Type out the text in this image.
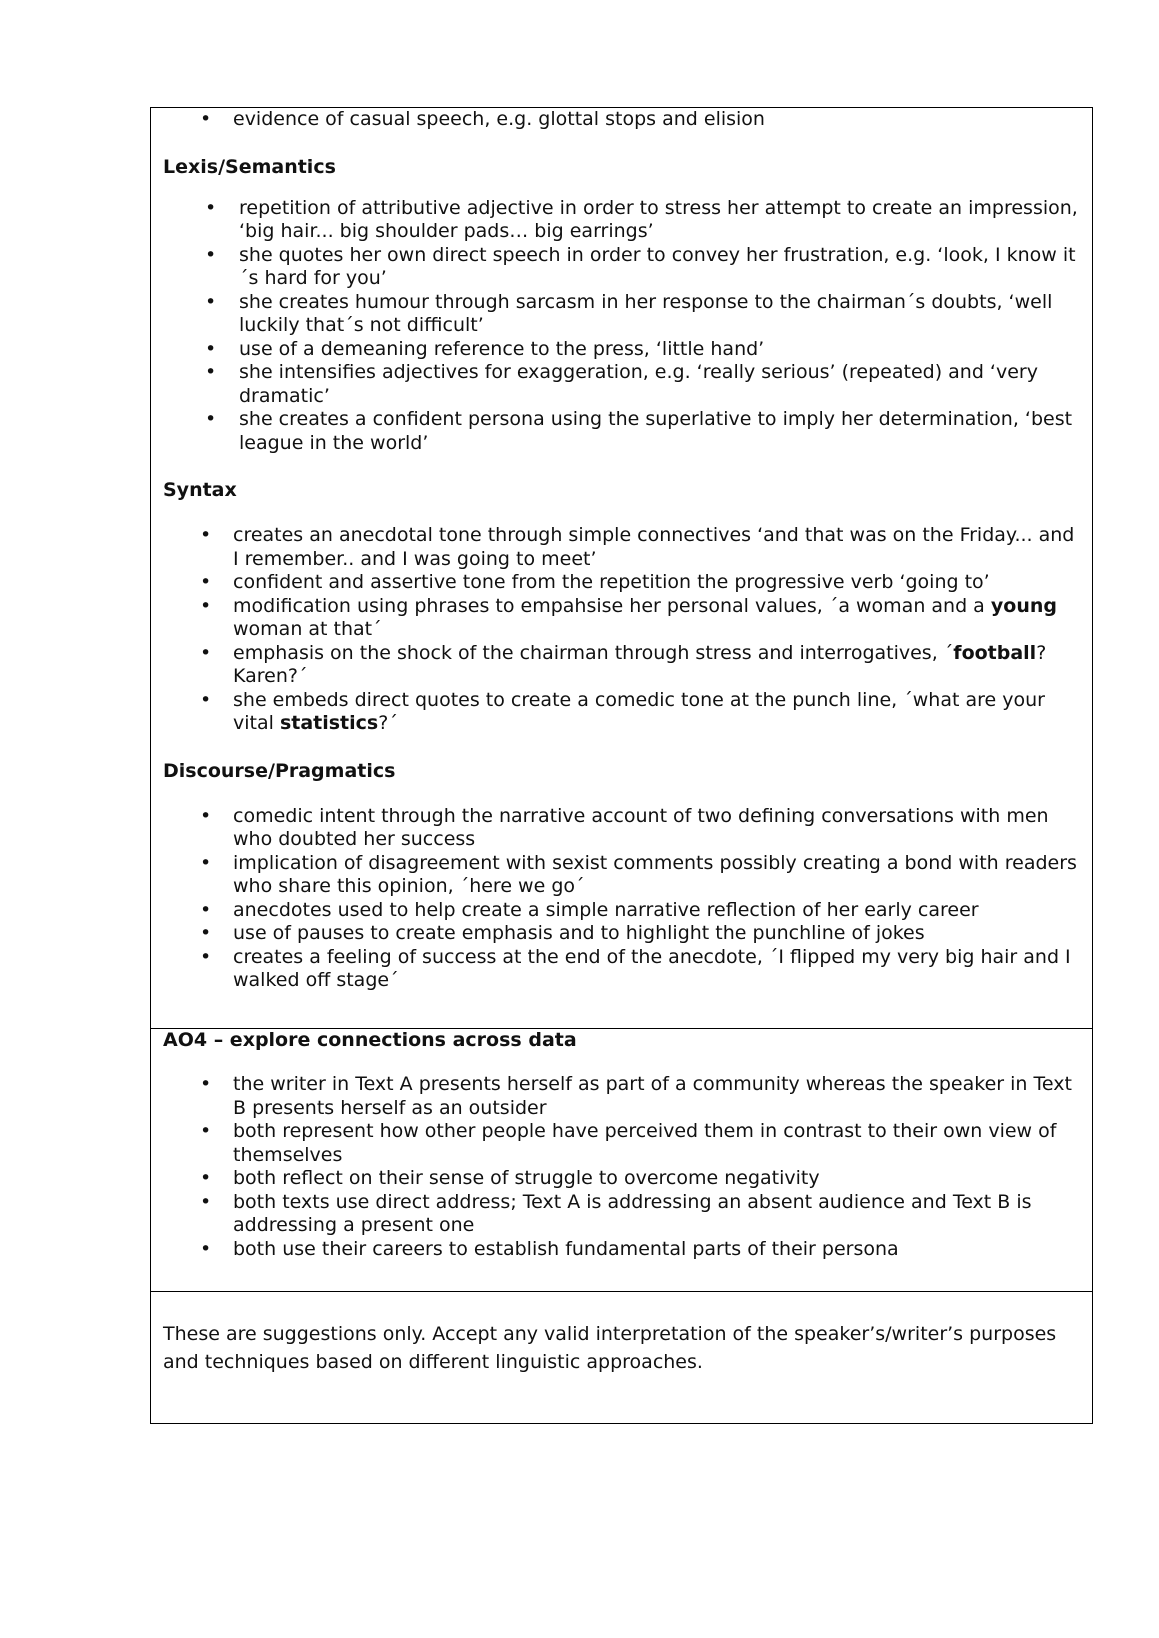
• evidence of casual speech, e.g. glottal stops and elision

Lexis/Semantics

• repetition of attributive adjective in order to stress her attempt to create an impression, ‘big hair... big shoulder pads… big earrings’
• she quotes her own direct speech in order to convey her frustration, e.g. ‘look, I know it´s hard for you’
• she creates humour through sarcasm in her response to the chairman´s doubts, ‘well luckily that´s not difficult’
• use of a demeaning reference to the press, ‘little hand’
• she intensifies adjectives for exaggeration, e.g. ‘really serious’ (repeated) and ‘very dramatic’
• she creates a confident persona using the superlative to imply her determination, ‘best league in the world’

Syntax

• creates an anecdotal tone through simple connectives ‘and that was on the Friday... and I remember.. and I was going to meet’
• confident and assertive tone from the repetition the progressive verb ‘going to’
• modification using phrases to empahsise her personal values, ´a woman and a young woman at that´
• emphasis on the shock of the chairman through stress and interrogatives, ´football? Karen?´
• she embeds direct quotes to create a comedic tone at the punch line, ´what are your vital statistics?´

Discourse/Pragmatics

• comedic intent through the narrative account of two defining conversations with men who doubted her success
• implication of disagreement with sexist comments possibly creating a bond with readers who share this opinion, ´here we go´
• anecdotes used to help create a simple narrative reflection of her early career
• use of pauses to create emphasis and to highlight the punchline of jokes
• creates a feeling of success at the end of the anecdote, ´I flipped my very big hair and I walked off stage´

AO4 – explore connections across data

• the writer in Text A presents herself as part of a community whereas the speaker in Text B presents herself as an outsider
• both represent how other people have perceived them in contrast to their own view of themselves
• both reflect on their sense of struggle to overcome negativity
• both texts use direct address; Text A is addressing an absent audience and Text B is addressing a present one
• both use their careers to establish fundamental parts of their persona

These are suggestions only. Accept any valid interpretation of the speaker’s/writer’s purposes and techniques based on different linguistic approaches.
